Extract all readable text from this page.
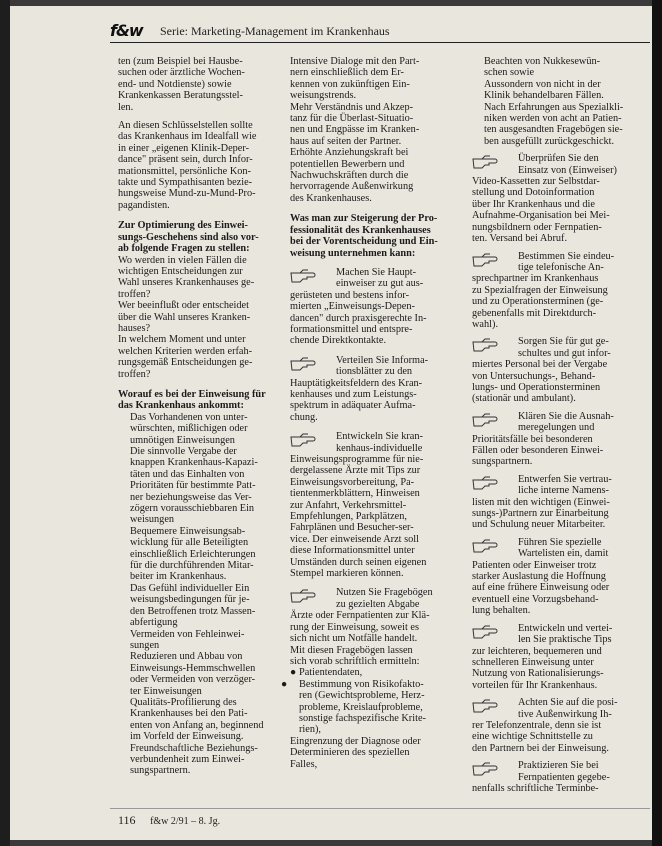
f&w	Serie: Marketing-Management im Krankenhaus

ten (zum Beispiel bei Hausbe-
suchen oder ärztliche Wochen-
end- und Notdienste) sowie
Krankenkassen Beratungsstel-
len.

An diesen Schlüsselstellen sollte
das Krankenhaus im Idealfall wie
in einer „eigenen Klinik-Deper-
dance" präsent sein, durch Infor-
mationsmittel, persönliche Kon-
takte und Sympathisanten bezie-
hungsweise Mund-zu-Mund-Pro-
pagandisten.

Zur Optimierung des Einwei-
sungs-Geschehens sind also vor-
ab folgende Fragen zu stellen:

Wo werden in vielen Fällen die
wichtigen Entscheidungen zur
Wahl unseres Krankenhauses ge-
troffen?
Wer beeinflußt oder entscheidet
über die Wahl unseres Kranken-
hauses?
In welchem Moment und unter
welchen Kriterien werden erfah-
rungsgemäß Entscheidungen ge-
troffen?

Worauf es bei der Einweisung für
das Krankenhaus ankommt:

Das Vorhandenen von unter-
würschten, mißlichigen oder
umnötigen Einweisungen
Die sinnvolle Vergabe der
knappen Krankenhaus-Kapazi-
täten und das Einhalten von
Prioritäten für bestimmte Patt-
ner beziehungsweise das Ver-
zögern vorausschiebbaren Ein
weisungen
Bequemere Einweisungsab-
wicklung für alle Beteiligten
einschließlich Erleichterungen
für die durchführenden Mitar-
beiter im Krankenhaus.
Das Gefühl individueller Ein
weisungsbedingungen für je-
den Betroffenen trotz Massen-
abfertigung
Vermeiden von Fehleinwei-
sungen
Reduzieren und Abbau von
Einweisungs-Hemmschwellen
oder Vermeiden von verzöger-
ter Einweisungen
Qualitäts-Profilierung des
Krankenhauses bei den Pati-
enten von Anfang an, beginnend
im Vorfeld der Einweisung.
Freundschaftliche Beziehungs-
verbundenheit zum Einwei-
sungspartnern.

Intensive Dialoge mit den Part-
nern einschließlich dem Er-
kennen von zukünftigen Ein-
weisungstrends.
Mehr Verständnis und Akzep-
tanz für die Überlast-Situatio-
nen und Engpässe im Kranken-
haus auf seiten der Partner.
Erhöhte Anziehungskraft bei
potentiellen Bewerbern und
Nachwuchskräften durch die
hervorragende Außenwirkung
des Krankenhauses.

Was man zur Steigerung der Pro-
fessionalität des Krankenhauses
bei der Vorentscheidung und Ein-
weisung unternehmen kann:

Machen Sie Haupt-
einweiser zu gut aus-
gerüsteten und bestens infor-
mierten „Einweisungs-Depen-
dancen" durch praxisgerechte In-
formationsmittel und entspre-
chende Direktkontakte.

Verteilen Sie Informa-
tionsblätter zu den
Hauptätigkeitsfeldern des Kran-
kenhauses und zum Leistungs-
spektrum in adäquater Aufma-
chung.

Entwickeln Sie kran-
kenhaus-individuelle
Einweisungsprogramme für nie-
dergelassene Ärzte mit Tips zur
Einweisungsvorbereitung, Pa-
tientenmerkblättern, Hinweisen
zur Anfahrt, Verkehrsmittel-
Empfehlungen, Parkplätzen,
Fahrplänen und Besucher-ser-
vice. Der einweisende Arzt soll
diese Informationsmittel unter
Umständen durch seinen eigenen
Stempel markieren können.

Nutzen Sie Fragebögen
zu gezielten Abgabe
Ärzte oder Fernpatienten zur Klä-
rung der Einweisung, soweit es
sich nicht um Notfälle handelt.
Mit diesen Fragebögen lassen
sich vorab schriftlich ermitteln:

● Patientendaten,

● Bestimmung von Risikofakto-
ren (Gewichtsprobleme, Herz-
probleme, Kreislaufprobleme,
sonstige fachspezifische Krite-
rien),

Eingrenzung der Diagnose oder
Determinieren des speziellen
Falles,

Beachten von Nukkesewün-
schen sowie
Aussondern von nicht in der
Klinik behandelbaren Fällen.
Nach Erfahrungen aus Spezialkli-
niken werden von acht an Patien-
ten ausgesandten Fragebögen sie-
ben ausgefüllt zurückgeschickt.

Überprüfen Sie den
Einsatz von (Einweiser)
Video-Kassetten zur Selbstdar-
stellung und Dotoinformation
über Ihr Krankenhaus und die
Aufnahme-Organisation bei Mei-
nungsbildnern oder Fernpatien-
ten. Versand bei Abruf.

Bestimmen Sie eindeu-
tige telefonische An-
sprechpartner im Krankenhaus
zu Spezialfragen der Einweisung
und zu Operationsterminen (ge-
gebenenfalls mit Direktdurch-
wahl).

Sorgen Sie für gut ge-
schultes und gut infor-
miertes Personal bei der Vergabe
von Untersuchungs-, Behand-
lungs- und Operationsterminen
(stationär und ambulant).

Klären Sie die Ausnah-
meregelungen und
Prioritätsfälle bei besonderen
Fällen oder besonderen Einwei-
sungspartnern.

Entwerfen Sie vertrau-
liche interne Namens-
listen mit den wichtigen (Einwei-
sungs-)Partnern zur Einarbeitung
und Schulung neuer Mitarbeiter.

Führen Sie spezielle
Wartelisten ein, damit
Patienten oder Einweiser trotz
starker Auslastung die Hoffnung
auf eine frühere Einweisung oder
eventuell eine Vorzugsbehand-
lung behalten.

Entwickeln und vertei-
len Sie praktische Tips
zur leichteren, bequemeren und
schnelleren Einweisung unter
Nutzung von Rationalisierungs-
vorteilen für Ihr Krankenhaus.

Achten Sie auf die posi-
tive Außenwirkung Ih-
rer Telefonzentrale, denn sie ist
eine wichtige Schnittstelle zu
den Partnern bei der Einweisung.

Praktizieren Sie bei
Fernpatienten gegebe-
nenfalls schriftliche Terminbe-

116 f&w 2/91 – 8. Jg.
